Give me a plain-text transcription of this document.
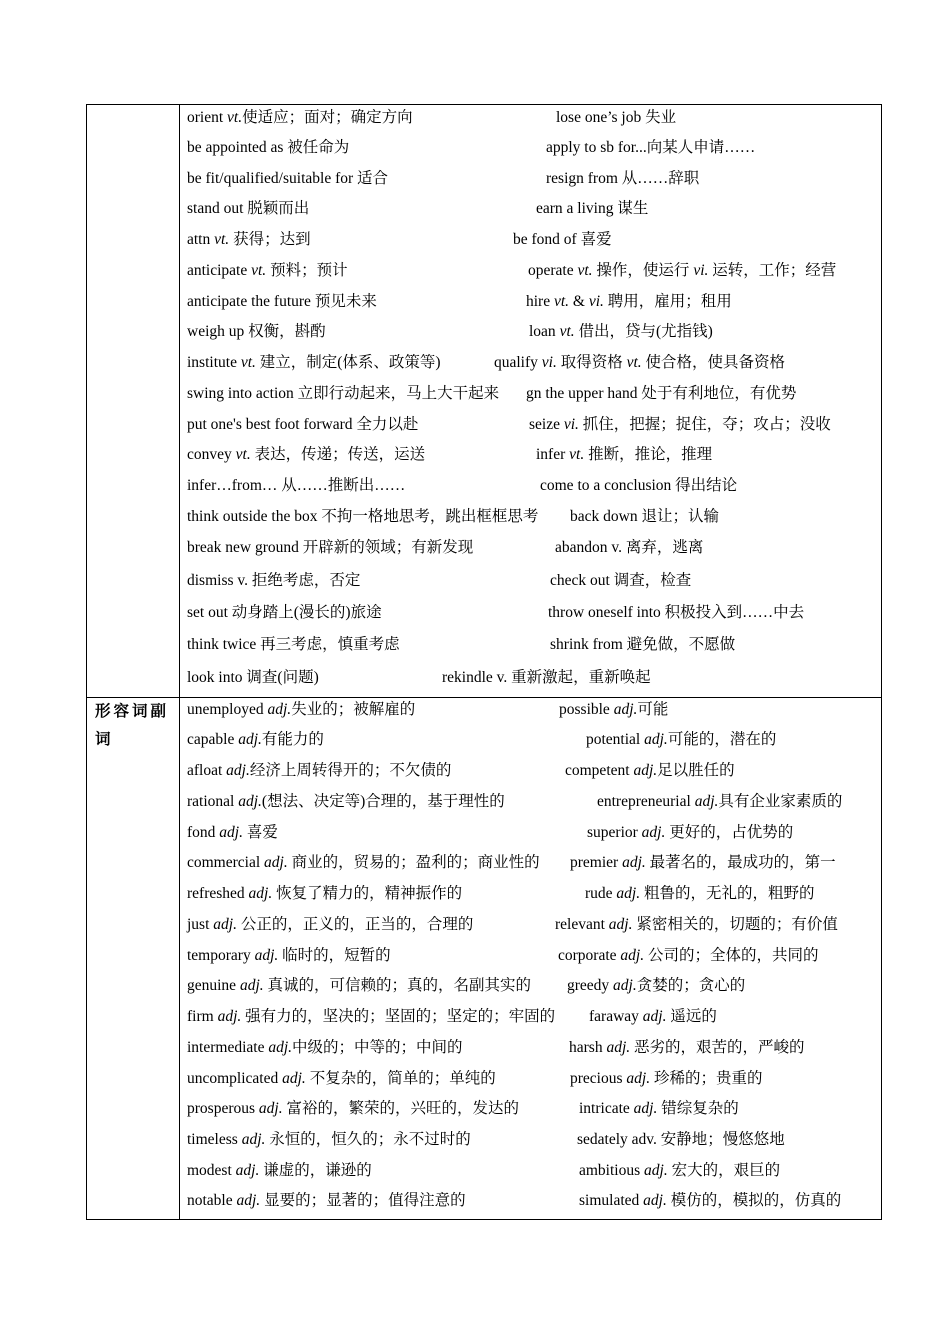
orient vt.使适应；面对；确定方向	lose one’s job 失业
be appointed as 被任命为	apply to sb for...向某人申请……
be fit/qualified/suitable for 适合	resign from 从……辞职
stand out 脱颖而出	earn a living 谋生
attn vt. 获得；达到	be fond of 喜爱
anticipate vt. 预料；预计	operate vt. 操作，使运行 vi. 运转，工作；经营
anticipate the future 预见未来	hire vt. & vi. 聘用，雇用；租用
weigh up 权衡，斟酌	loan vt. 借出，贷与(尤指钱)
institute vt. 建立，制定(体系、政策等)	qualify vi. 取得资格 vt. 使合格，使具备资格
swing into action 立即行动起来，马上大干起来 gn the upper hand 处于有利地位，有优势
put one's best foot forward 全力以赴	seize vi. 抓住，把握；捉住，夺；攻占；没收
convey vt. 表达，传递；传送，运送	infer vt. 推断，推论，推理
infer…from… 从……推断出……	come to a conclusion 得出结论
think outside the box 不拘一格地思考，跳出框框思考 back down 退让；认输
break new ground 开辟新的领域；有新发现	abandon v. 离弃，逃离
dismiss v. 拒绝考虑，否定	check out 调查，检查
set out 动身踏上(漫长的)旅途	throw oneself into 积极投入到……中去
think twice 再三考虑，慎重考虑	shrink from 避免做，不愿做
look into 调查(问题)	rekindle v. 重新激起，重新唤起
形容词副词
unemployed adj.失业的；被解雇的	possible adj.可能
capable adj.有能力的	potential adj.可能的，潜在的
afloat adj.经济上周转得开的；不欠债的	competent adj.足以胜任的
rational adj.(想法、决定等)合理的，基于理性的	entrepreneurial adj.具有企业家素质的
fond adj. 喜爱	superior adj. 更好的，占优势的
commercial adj. 商业的，贸易的；盈利的；商业性的 premier adj. 最著名的，最成功的，第一
refreshed adj. 恢复了精力的，精神振作的	rude adj. 粗鲁的，无礼的，粗野的
just adj. 公正的，正义的，正当的，合理的	relevant adj. 紧密相关的，切题的；有价值
temporary adj. 临时的，短暂的	corporate adj. 公司的；全体的，共同的
genuine adj. 真诚的，可信赖的；真的，名副其实的 greedy adj.贪婪的；贪心的
firm adj. 强有力的，坚决的；坚固的；坚定的；牢固的 faraway adj. 遥远的
intermediate adj.中级的；中等的；中间的	harsh adj. 恶劣的，艰苦的，严峻的
uncomplicated adj. 不复杂的，简单的；单纯的	precious adj. 珍稀的；贵重的
prosperous adj. 富裕的，繁荣的，兴旺的，发达的	intricate adj. 错综复杂的
timeless adj. 永恒的，恒久的；永不过时的	sedately adv. 安静地；慢悠悠地
modest adj. 谦虚的，谦逊的	ambitious adj. 宏大的，艰巨的
notable adj. 显要的；显著的；值得注意的	simulated adj. 模仿的，模拟的，仿真的
